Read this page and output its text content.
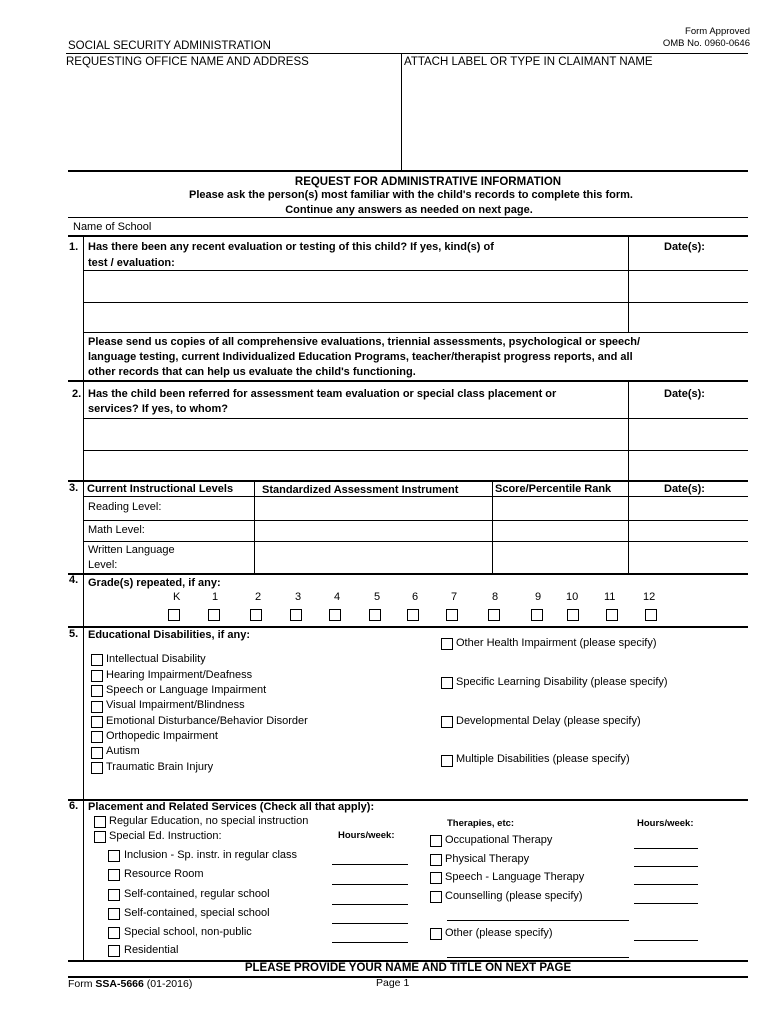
Form Approved
OMB No. 0960-0646
SOCIAL SECURITY ADMINISTRATION
REQUESTING OFFICE NAME AND ADDRESS	ATTACH LABEL OR TYPE IN CLAIMANT NAME
REQUEST FOR ADMINISTRATIVE INFORMATION
Please ask the person(s) most familiar with the child's records to complete this form.
Continue any answers as needed on next page.
Name of School
1. Has there been any recent evaluation or testing of this child? If yes, kind(s) of
test / evaluation:
Date(s):
Please send us copies of all comprehensive evaluations, triennial assessments, psychological or speech/
language testing, current Individualized Education Programs, teacher/therapist progress reports, and all
other records that can help us evaluate the child's functioning.
2. Has the child been referred for assessment team evaluation or special class placement or
services? If yes, to whom?
Date(s):
3. Current Instructional Levels	Standardized Assessment Instrument	Score/Percentile Rank	Date(s):
Reading Level:
Math Level:
Written Language
Level:
4. Grade(s) repeated, if any:
K	1	2	3	4	5	6	7	8	9 10 11	12
5. Educational Disabilities, if any:
Intellectual Disability
Hearing Impairment/Deafness
Speech or Language Impairment
Visual Impairment/Blindness
Emotional Disturbance/Behavior Disorder
Orthopedic Impairment
Autism
Traumatic Brain Injury
Other Health Impairment (please specify)
Specific Learning Disability (please specify)
Developmental Delay (please specify)
Multiple Disabilities (please specify)
6. Placement and Related Services (Check all that apply):
Regular Education, no special instruction
Special Ed. Instruction:	Hours/week:
Inclusion - Sp. instr. in regular class
Resource Room
Self-contained, regular school
Self-contained, special school
Special school, non-public
Residential
Therapies, etc:	Hours/week:
Occupational Therapy
Physical Therapy
Speech - Language Therapy
Counselling (please specify)
Other (please specify)
PLEASE PROVIDE YOUR NAME AND TITLE ON NEXT PAGE
Form SSA-5666 (01-2016)	Page 1
